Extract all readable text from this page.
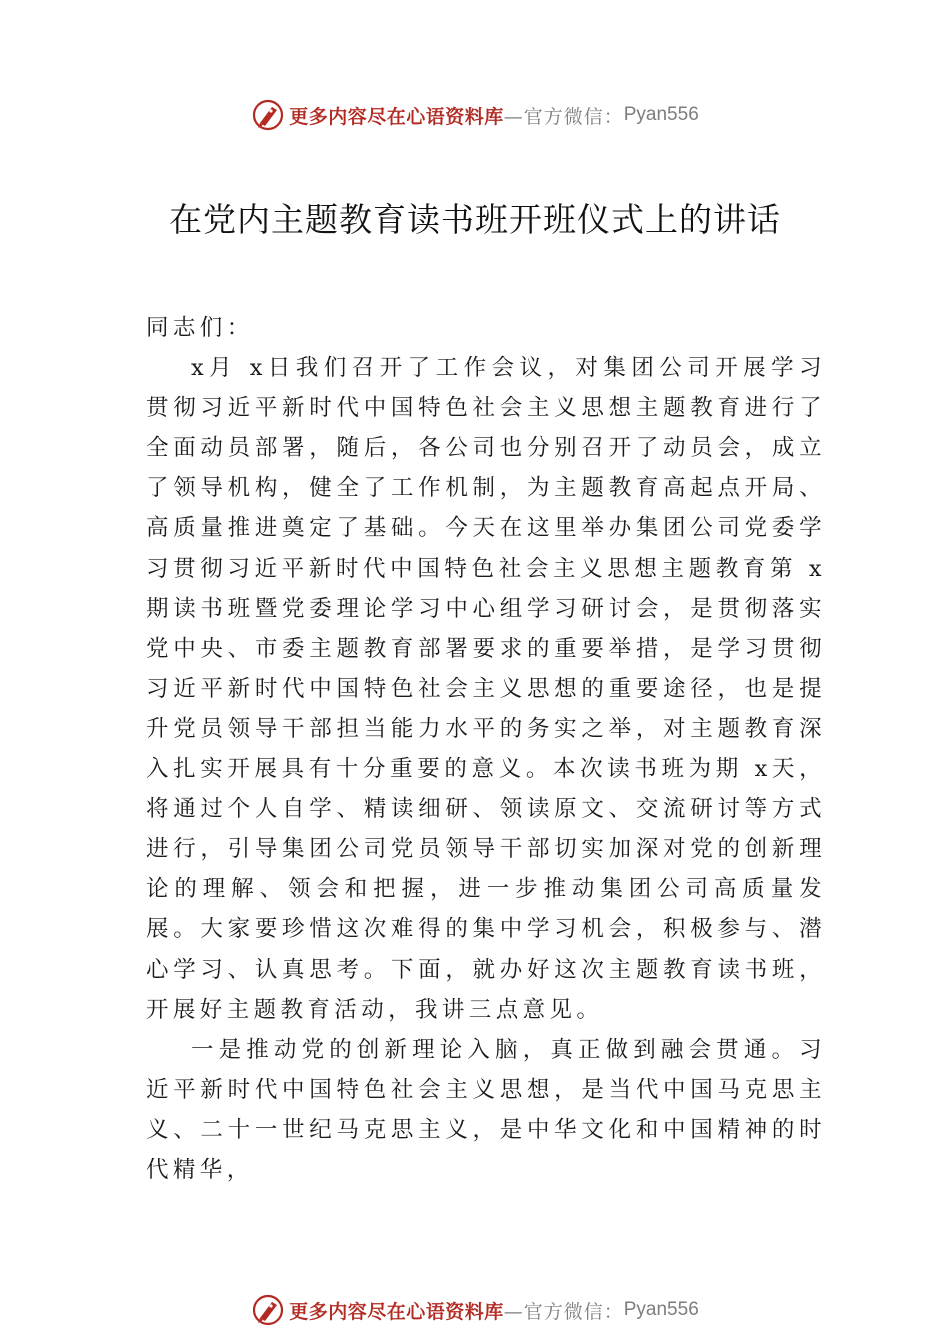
更多内容尽在心语资料库 —官方微信： Pyan556
在党内主题教育读书班开班仪式上的讲话

同志们：

x月 x日我们召开了工作会议，对集团公司开展学习贯彻习近平新时代中国特色社会主义思想主题教育进行了全面动员部署，随后，各公司也分别召开了动员会，成立了领导机构，健全了工作机制，为主题教育高起点开局、高质量推进奠定了基础。今天在这里举办集团公司党委学习贯彻习近平新时代中国特色社会主义思想主题教育第 x期读书班暨党委理论学习中心组学习研讨会，是贯彻落实党中央、市委主题教育部署要求的重要举措，是学习贯彻习近平新时代中国特色社会主义思想的重要途径，也是提升党员领导干部担当能力水平的务实之举，对主题教育深入扎实开展具有十分重要的意义。本次读书班为期 x天，将通过个人自学、精读细研、领读原文、交流研讨等方式进行，引导集团公司党员领导干部切实加深对党的创新理论的理解、领会和把握，进一步推动集团公司高质量发展。大家要珍惜这次难得的集中学习机会，积极参与、潜心学习、认真思考。下面，就办好这次主题教育读书班，开展好主题教育活动，我讲三点意见。

一是推动党的创新理论入脑，真正做到融会贯通。习近平新时代中国特色社会主义思想，是当代中国马克思主义、二十一世纪马克思主义，是中华文化和中国精神的时代精华，

更多内容尽在心语资料库 —官方微信： Pyan556
